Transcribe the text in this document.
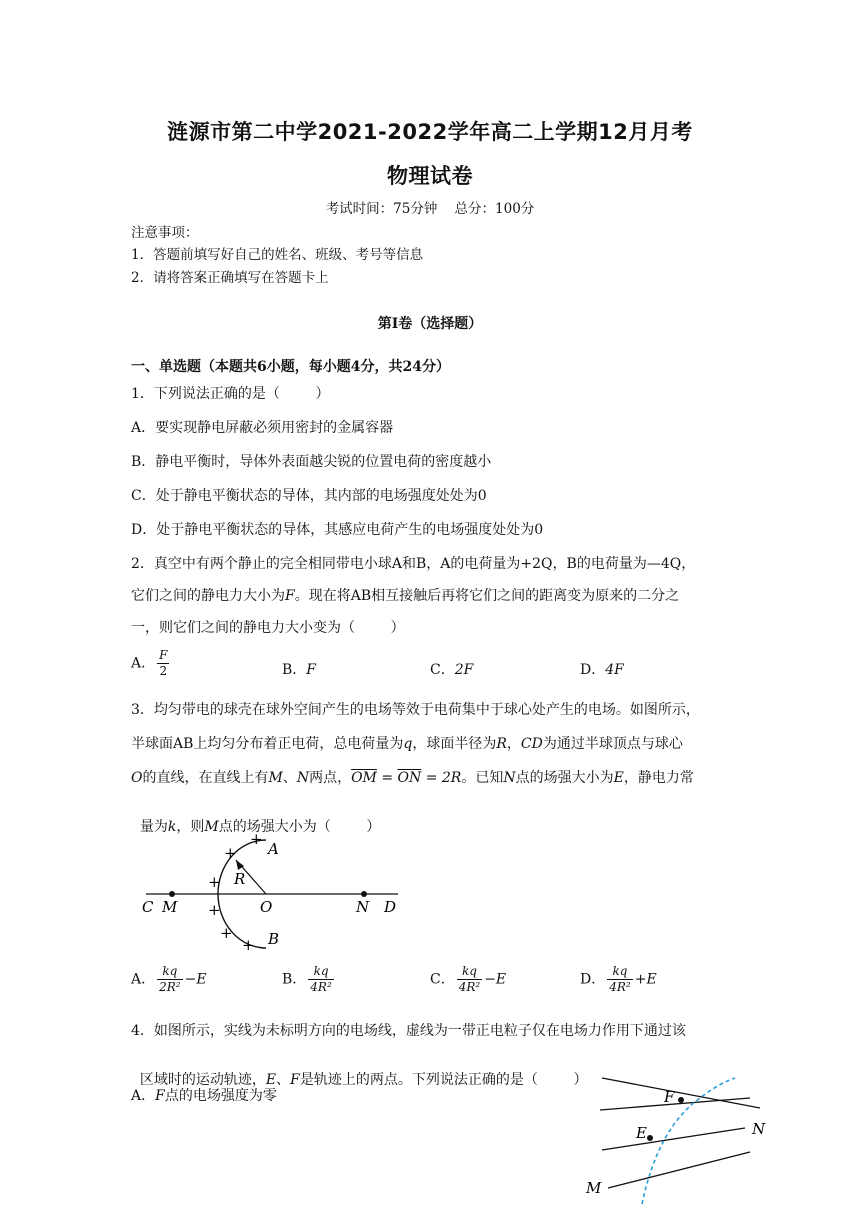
涟源市第二中学2021-2022学年高二上学期12月月考
物理试卷
考试时间：75分钟    总分：100分
注意事项：
1．答题前填写好自己的姓名、班级、考号等信息
2．请将答案正确填写在答题卡上
第Ⅰ卷（选择题）
一、单选题（本题共6小题，每小题4分，共24分）
1．下列说法正确的是（        ）
A．要实现静电屏蔽必须用密封的金属容器
B．静电平衡时，导体外表面越尖锐的位置电荷的密度越小
C．处于静电平衡状态的导体，其内部的电场强度处处为0
D．处于静电平衡状态的导体，其感应电荷产生的电场强度处处为0
2．真空中有两个静止的完全相同带电小球A和B，A的电荷量为+2Q，B的电荷量为—4Q，
它们之间的静电力大小为F。现在将AB相互接触后再将它们之间的距离变为原来的二分之
一，则它们之间的静电力大小变为（        ）
A． $\frac{F}{2}$	B．F	C．2F	D．4F
3．均匀带电的球壳在球外空间产生的电场等效于电荷集中于球心处产生的电场。如图所示，
半球面AB上均匀分布着正电荷，总电荷量为q，球面半径为R，CD为通过半球顶点与球心
O的直线，在直线上有M、N两点，$\overline{OM} = \overline{ON} = 2R$。已知N点的场强大小为E，静电力常

量为k，则M点的场强大小为（        ）

A
B
C M	O	N D
R
+
+
+
+
+
+
A． $\frac{kq}{\text{2R²}} -E$	B． $\frac{kq}{\text{4R²}}$	C． $\frac{kq}{\text{4R²}} -E$	D． $\frac{kq}{\text{4R²}} +E$
4．如图所示，实线为未标明方向的电场线，虚线为一带正电粒子仅在电场力作用下通过该

区域时的运动轨迹，E、F是轨迹上的两点。下列说法正确的是（        ）

A．F点的电场强度为零	F
E	N
M
